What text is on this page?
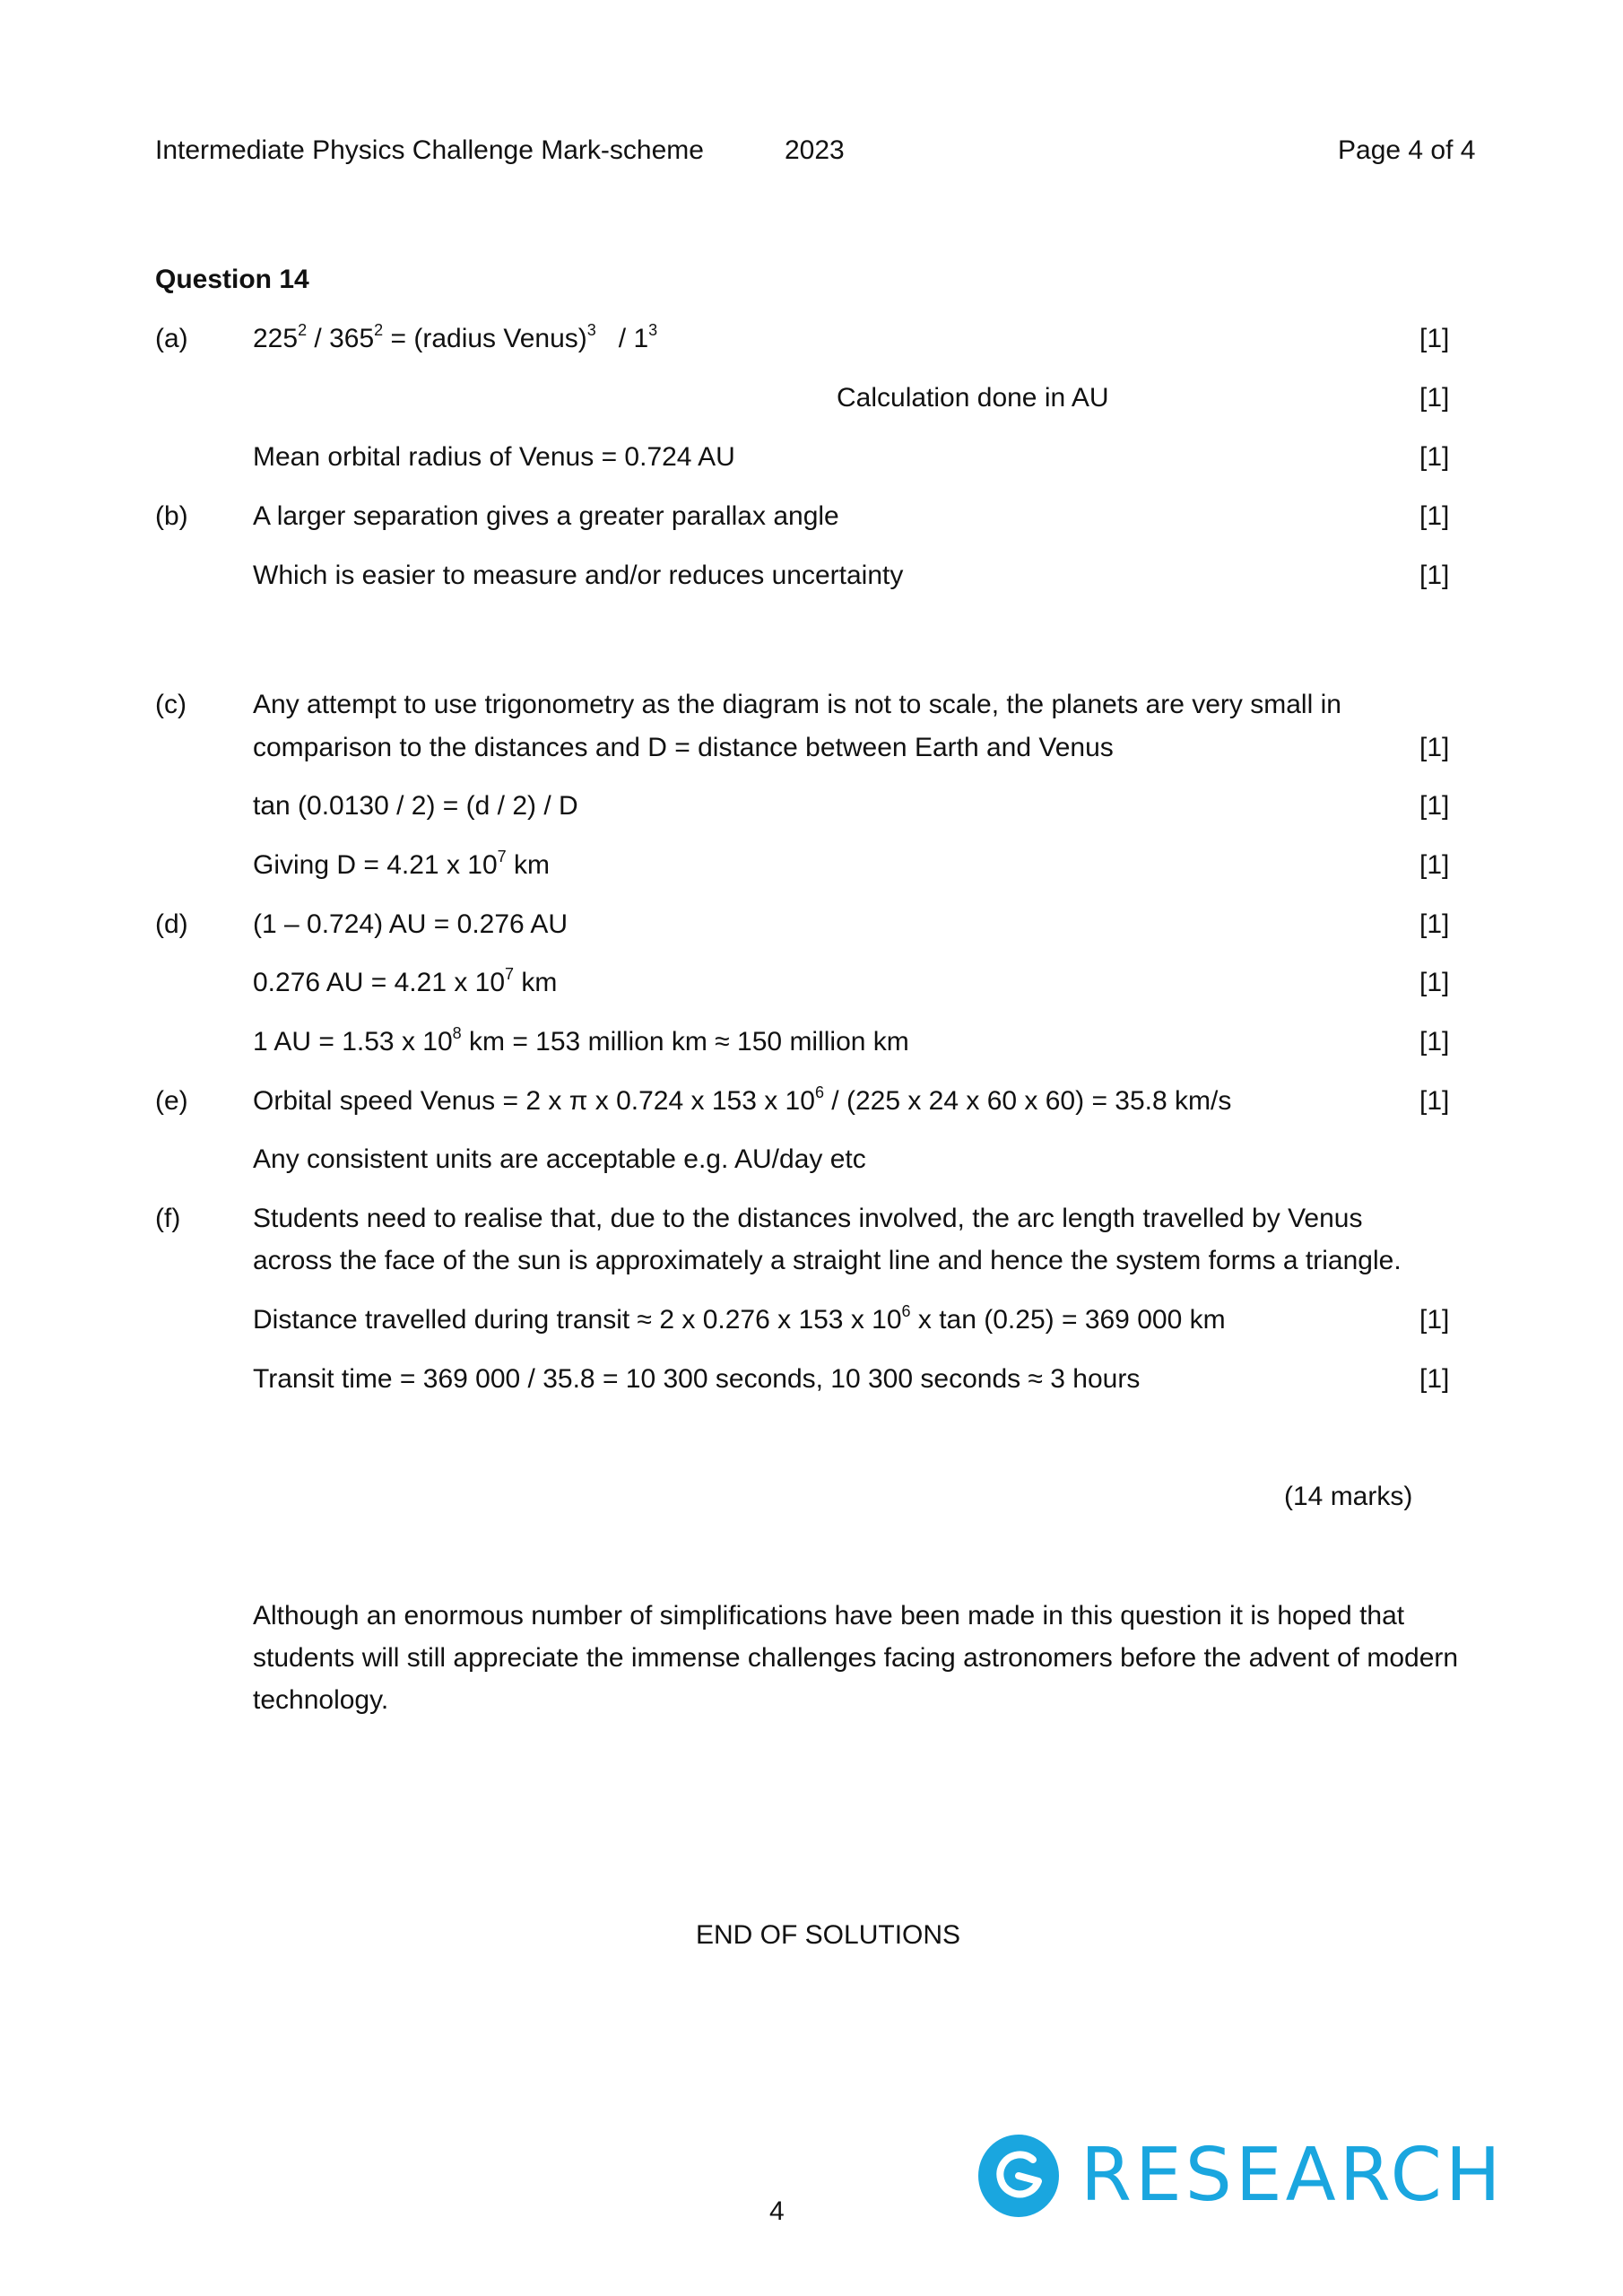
Intermediate Physics Challenge Mark-scheme	2023	Page 4 of 4
Question 14
(a) $225^2 / 365^2$ = (radius Venus)$^3$   / $1^3$	[1]
Calculation done in AU	[1]
Mean orbital radius of Venus = 0.724 AU	[1]
(b) A larger separation gives a greater parallax angle	[1]
Which is easier to measure and/or reduces uncertainty	[1]
(c) Any attempt to use trigonometry as the diagram is not to scale, the planets are very small in
comparison to the distances and D = distance between Earth and Venus	[1]
tan (0.0130 / 2) = (d / 2) / D	[1]
Giving D = 4.21 x $10^7$ km	[1]
(d) (1 – 0.724) AU = 0.276 AU	[1]
0.276 AU = 4.21 x $10^7$ km	[1]
1 AU = 1.53 x $10^8$ km = 153 million km ≈ 150 million km	[1]
(e) Orbital speed Venus = 2 x π x 0.724 x 153 x $10^6 / (225$ x 24 x 60 x 60) = 35.8 km/s	[1]
Any consistent units are acceptable e.g. AU/day etc
(f)	Students need to realise that, due to the distances involved, the arc length travelled by Venus
across the face of the sun is approximately a straight line and hence the system forms a triangle.
Distance travelled during transit ≈ 2 x 0.276 x 153 x $10^6$ x tan (0.25) = 369 000 km	[1]
Transit time = 369 000 / 35.8 = 10 300 seconds, 10 300 seconds ≈ 3 hours	[1]
(14 marks)
Although an enormous number of simplifications have been made in this question it is hoped that students will still appreciate the immense challenges facing astronomers before the advent of modern technology.
END OF SOLUTIONS
4	RESEARCH
